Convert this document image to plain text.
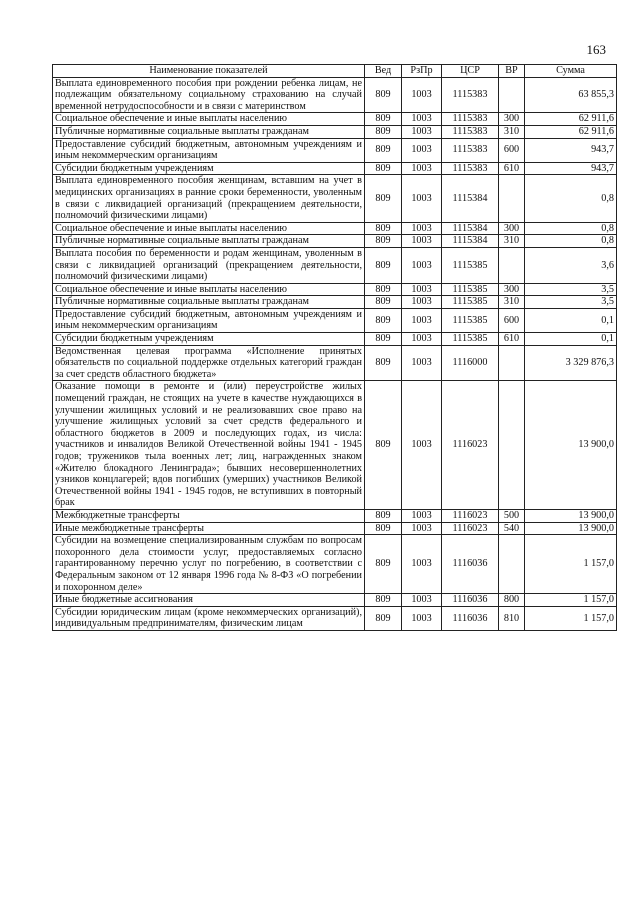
163
Наименование показателей	Вед	РзПр	ЦСР	ВР	Сумма
Выплата единовременного пособия при рождении ребенка лицам, не подлежащим обязательному социальному страхованию на случай временной нетрудоспособности и в связи с материнством	809	1003	1115383		63 855,3
Социальное обеспечение и иные выплаты населению	809	1003	1115383	300	62 911,6
Публичные нормативные социальные выплаты гражданам	809	1003	1115383	310	62 911,6
Предоставление субсидий бюджетным, автономным учреждениям и иным некоммерческим организациям	809	1003	1115383	600	943,7
Субсидии бюджетным учреждениям	809	1003	1115383	610	943,7
Выплата единовременного пособия женщинам, вставшим на учет в медицинских организациях в ранние сроки беременности, уволенным в связи с ликвидацией организаций (прекращением деятельности, полномочий физическими лицами)	809	1003	1115384		0,8
Социальное обеспечение и иные выплаты населению	809	1003	1115384	300	0,8
Публичные нормативные социальные выплаты гражданам	809	1003	1115384	310	0,8
Выплата пособия по беременности и родам женщинам, уволенным в связи с ликвидацией организаций (прекращением деятельности, полномочий физическими лицами)	809	1003	1115385		3,6
Социальное обеспечение и иные выплаты населению	809	1003	1115385	300	3,5
Публичные нормативные социальные выплаты гражданам	809	1003	1115385	310	3,5
Предоставление субсидий бюджетным, автономным учреждениям и иным некоммерческим организациям	809	1003	1115385	600	0,1
Субсидии бюджетным учреждениям	809	1003	1115385	610	0,1
Ведомственная целевая программа «Исполнение принятых обязательств по социальной поддержке отдельных категорий граждан за счет средств областного бюджета»	809	1003	1116000		3 329 876,3
Оказание помощи в ремонте и (или) переустройстве жилых помещений граждан, не стоящих на учете в качестве нуждающихся в улучшении жилищных условий и не реализовавших свое право на улучшение жилищных условий за счет средств федерального и областного бюджетов в 2009 и последующих годах, из числа: участников и инвалидов Великой Отечественной войны 1941 - 1945 годов; тружеников тыла военных лет; лиц, награжденных знаком «Жителю блокадного Ленинграда»; бывших несовершеннолетних узников концлагерей; вдов погибших (умерших) участников Великой Отечественной войны 1941 - 1945 годов, не вступивших в повторный брак	809	1003	1116023		13 900,0
Межбюджетные трансферты	809	1003	1116023	500	13 900,0
Иные межбюджетные трансферты	809	1003	1116023	540	13 900,0
Субсидии на возмещение специализированным службам по вопросам похоронного дела стоимости услуг, предоставляемых согласно гарантированному перечню услуг по погребению, в соответствии с Федеральным законом от 12 января 1996 года № 8-ФЗ «О погребении и похоронном деле»	809	1003	1116036		1 157,0
Иные бюджетные ассигнования	809	1003	1116036	800	1 157,0
Субсидии юридическим лицам (кроме некоммерческих организаций), индивидуальным предпринимателям, физическим лицам	809	1003	1116036	810	1 157,0
